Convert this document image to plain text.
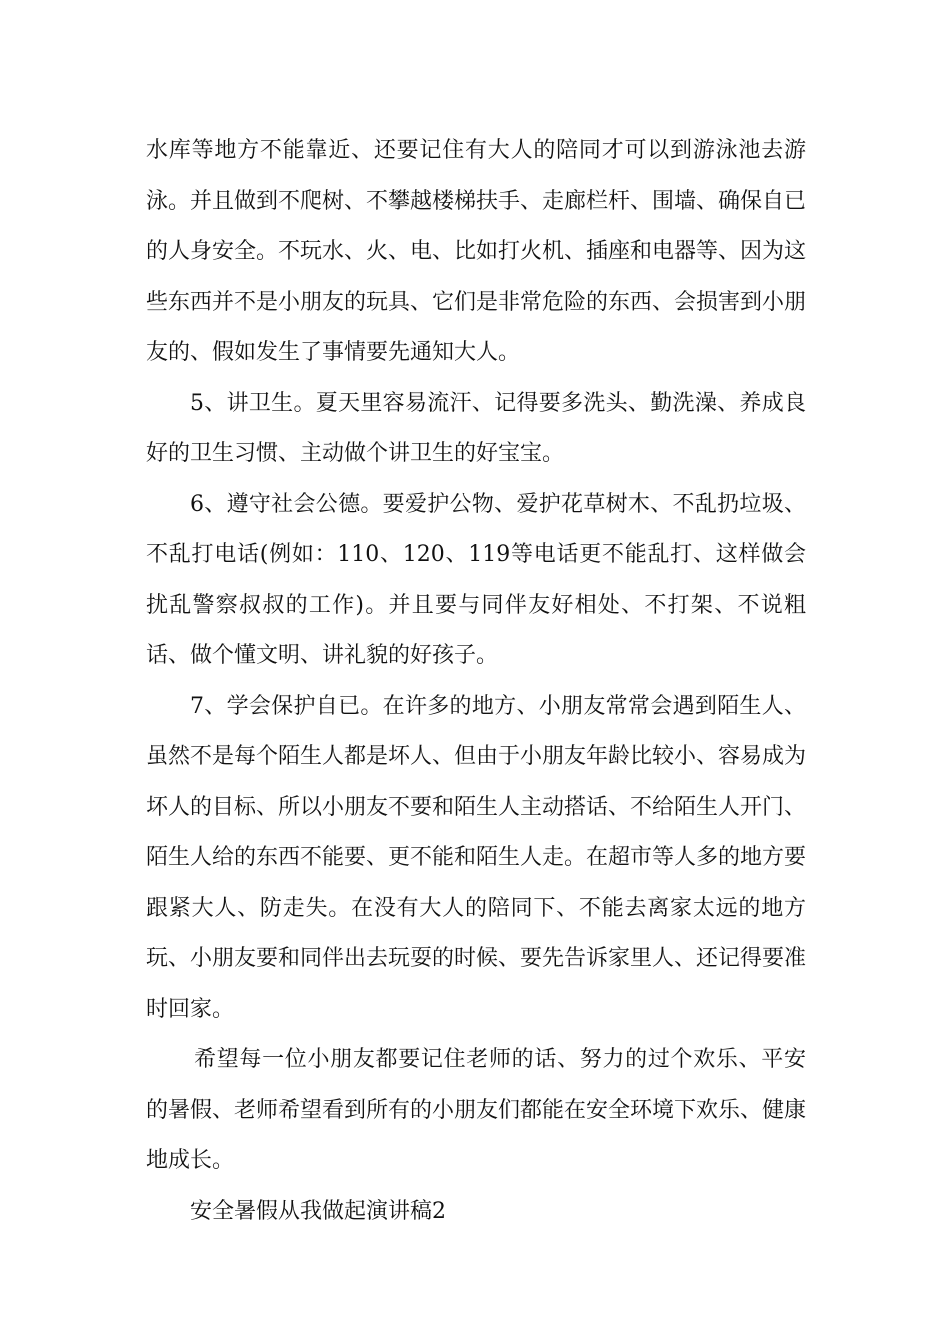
水库等地方不能靠近、还要记住有大人的陪同才可以到游泳池去游泳。并且做到不爬树、不攀越楼梯扶手、走廊栏杆、围墙、确保自已的人身安全。不玩水、火、电、比如打火机、插座和电器等、因为这些东西并不是小朋友的玩具、它们是非常危险的东西、会损害到小朋友的、假如发生了事情要先通知大人。

5、讲卫生。夏天里容易流汗、记得要多洗头、勤洗澡、养成良好的卫生习惯、主动做个讲卫生的好宝宝。

6、遵守社会公德。要爱护公物、爱护花草树木、不乱扔垃圾、不乱打电话(例如：110、120、119等电话更不能乱打、这样做会扰乱警察叔叔的工作)。并且要与同伴友好相处、不打架、不说粗话、做个懂文明、讲礼貌的好孩子。

7、学会保护自已。在许多的地方、小朋友常常会遇到陌生人、虽然不是每个陌生人都是坏人、但由于小朋友年龄比较小、容易成为坏人的目标、所以小朋友不要和陌生人主动搭话、不给陌生人开门、陌生人给的东西不能要、更不能和陌生人走。在超市等人多的地方要跟紧大人、防走失。在没有大人的陪同下、不能去离家太远的地方玩、小朋友要和同伴出去玩耍的时候、要先告诉家里人、还记得要准时回家。

希望每一位小朋友都要记住老师的话、努力的过个欢乐、平安的暑假、老师希望看到所有的小朋友们都能在安全环境下欢乐、健康地成长。

安全暑假从我做起演讲稿2
